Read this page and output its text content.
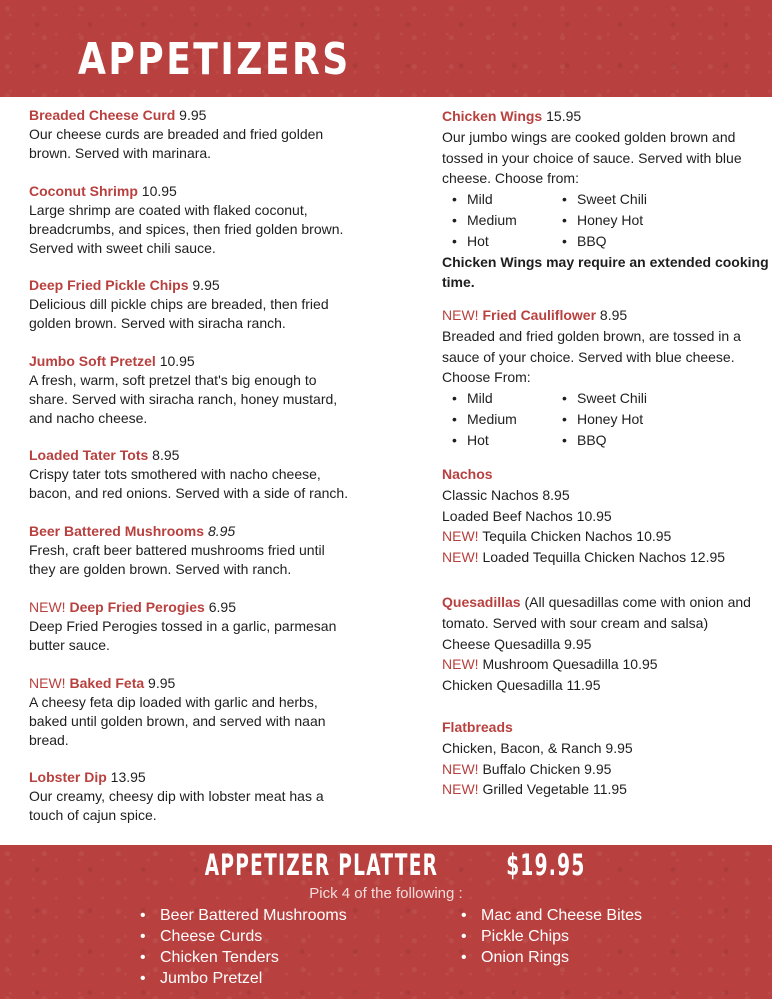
APPETIZERS
Breaded Cheese Curd 9.95
Our cheese curds are breaded and fried golden brown. Served with marinara.
Coconut Shrimp 10.95
Large shrimp are coated with flaked coconut, breadcrumbs, and spices, then fried golden brown. Served with sweet chili sauce.
Deep Fried Pickle Chips 9.95
Delicious dill pickle chips are breaded, then fried golden brown. Served with siracha ranch.
Jumbo Soft Pretzel 10.95
A fresh, warm, soft pretzel that's big enough to share. Served with siracha ranch, honey mustard, and nacho cheese.
Loaded Tater Tots 8.95
Crispy tater tots smothered with nacho cheese, bacon, and red onions. Served with a side of ranch.
Beer Battered Mushrooms 8.95
Fresh, craft beer battered mushrooms fried until they are golden brown. Served with ranch.
NEW! Deep Fried Perogies 6.95
Deep Fried Perogies tossed in a garlic, parmesan butter sauce.
NEW! Baked Feta 9.95
A cheesy feta dip loaded with garlic and herbs, baked until golden brown, and served with naan bread.
Lobster Dip 13.95
Our creamy, cheesy dip with lobster meat has a touch of cajun spice.
Chicken Wings 15.95
Our jumbo wings are cooked golden brown and tossed in your choice of sauce. Served with blue cheese. Choose from:
• Mild	• Sweet Chili
• Medium	• Honey Hot
• Hot	• BBQ
Chicken Wings may require an extended cooking time.
NEW! Fried Cauliflower 8.95
Breaded and fried golden brown, are tossed in a sauce of your choice. Served with blue cheese. Choose From:
• Mild	• Sweet Chili
• Medium	• Honey Hot
• Hot	• BBQ
Nachos
Classic Nachos 8.95
Loaded Beef Nachos 10.95
NEW! Tequila Chicken Nachos 10.95
NEW! Loaded Tequilla Chicken Nachos 12.95
Quesadillas (All quesadillas come with onion and tomato. Served with sour cream and salsa)
Cheese Quesadilla 9.95
NEW! Mushroom Quesadilla 10.95
Chicken Quesadilla 11.95
Flatbreads
Chicken, Bacon, & Ranch 9.95
NEW! Buffalo Chicken 9.95
NEW! Grilled Vegetable 11.95
APPETIZER PLATTER $19.95
Pick 4 of the following :
• Beer Battered Mushrooms
• Cheese Curds
• Chicken Tenders
• Jumbo Pretzel
• Mac and Cheese Bites
• Pickle Chips
• Onion Rings
